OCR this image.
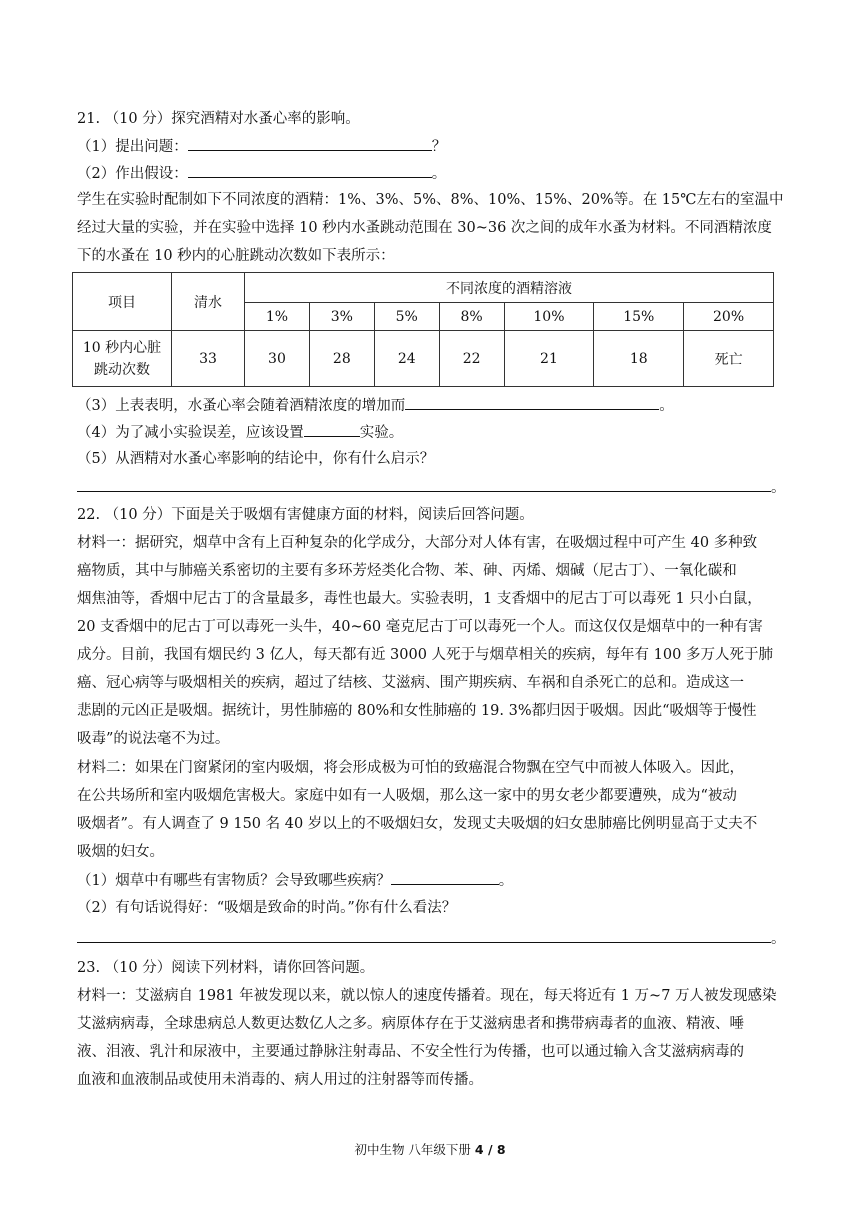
21. （10 分）探究酒精对水蚤心率的影响。
（1）提出问题：	？
（2）作出假设：	。
学生在实验时配制如下不同浓度的酒精：1%、3%、5%、8%、10%、15%、20%等。在 15℃左右的室温中
经过大量的实验，并在实验中选择 10 秒内水蚤跳动范围在 30~36 次之间的成年水蚤为材料。不同酒精浓度
下的水蚤在 10 秒内的心脏跳动次数如下表所示：
项目	清水	不同浓度的酒精溶液						
		1%	3%	5%	8%	10%	15%	20%

10 秒内心脏
跳动次数	33	30	28	24	22	21	18	死亡
（3）上表表明，水蚤心率会随着酒精浓度的增加而	。
（4）为了减小实验误差，应该设置	实验。
（5）从酒精对水蚤心率影响的结论中，你有什么启示？
。
22. （10 分）下面是关于吸烟有害健康方面的材料，阅读后回答问题。
材料一：据研究，烟草中含有上百种复杂的化学成分，大部分对人体有害，在吸烟过程中可产生 40 多种致
癌物质，其中与肺癌关系密切的主要有多环芳烃类化合物、苯、砷、丙烯、烟碱（尼古丁）、一氧化碳和
烟焦油等，香烟中尼古丁的含量最多，毒性也最大。实验表明，1 支香烟中的尼古丁可以毒死 1 只小白鼠，
20 支香烟中的尼古丁可以毒死一头牛，40~60 毫克尼古丁可以毒死一个人。而这仅仅是烟草中的一种有害
成分。目前，我国有烟民约 3 亿人，每天都有近 3000 人死于与烟草相关的疾病，每年有 100 多万人死于肺
癌、冠心病等与吸烟相关的疾病，超过了结核、艾滋病、围产期疾病、车祸和自杀死亡的总和。造成这一
悲剧的元凶正是吸烟。据统计，男性肺癌的 80%和女性肺癌的 19. 3%都归因于吸烟。因此“吸烟等于慢性
吸毒”的说法毫不为过。
材料二：如果在门窗紧闭的室内吸烟，将会形成极为可怕的致癌混合物飘在空气中而被人体吸入。因此，
在公共场所和室内吸烟危害极大。家庭中如有一人吸烟，那么这一家中的男女老少都要遭殃，成为“被动
吸烟者”。有人调查了 9 150 名 40 岁以上的不吸烟妇女，发现丈夫吸烟的妇女患肺癌比例明显高于丈夫不
吸烟的妇女。
（1）烟草中有哪些有害物质？会导致哪些疾病？	。
（2）有句话说得好：“吸烟是致命的时尚。”你有什么看法？
。
23. （10 分）阅读下列材料，请你回答问题。
材料一：艾滋病自 1981 年被发现以来，就以惊人的速度传播着。现在，每天将近有 1 万~7 万人被发现感染
艾滋病病毒，全球患病总人数更达数亿人之多。病原体存在于艾滋病患者和携带病毒者的血液、精液、唾
液、泪液、乳汁和尿液中，主要通过静脉注射毒品、不安全性行为传播，也可以通过输入含艾滋病病毒的
血液和血液制品或使用未消毒的、病人用过的注射器等而传播。
初中生物 八年级下册 4 / 8
